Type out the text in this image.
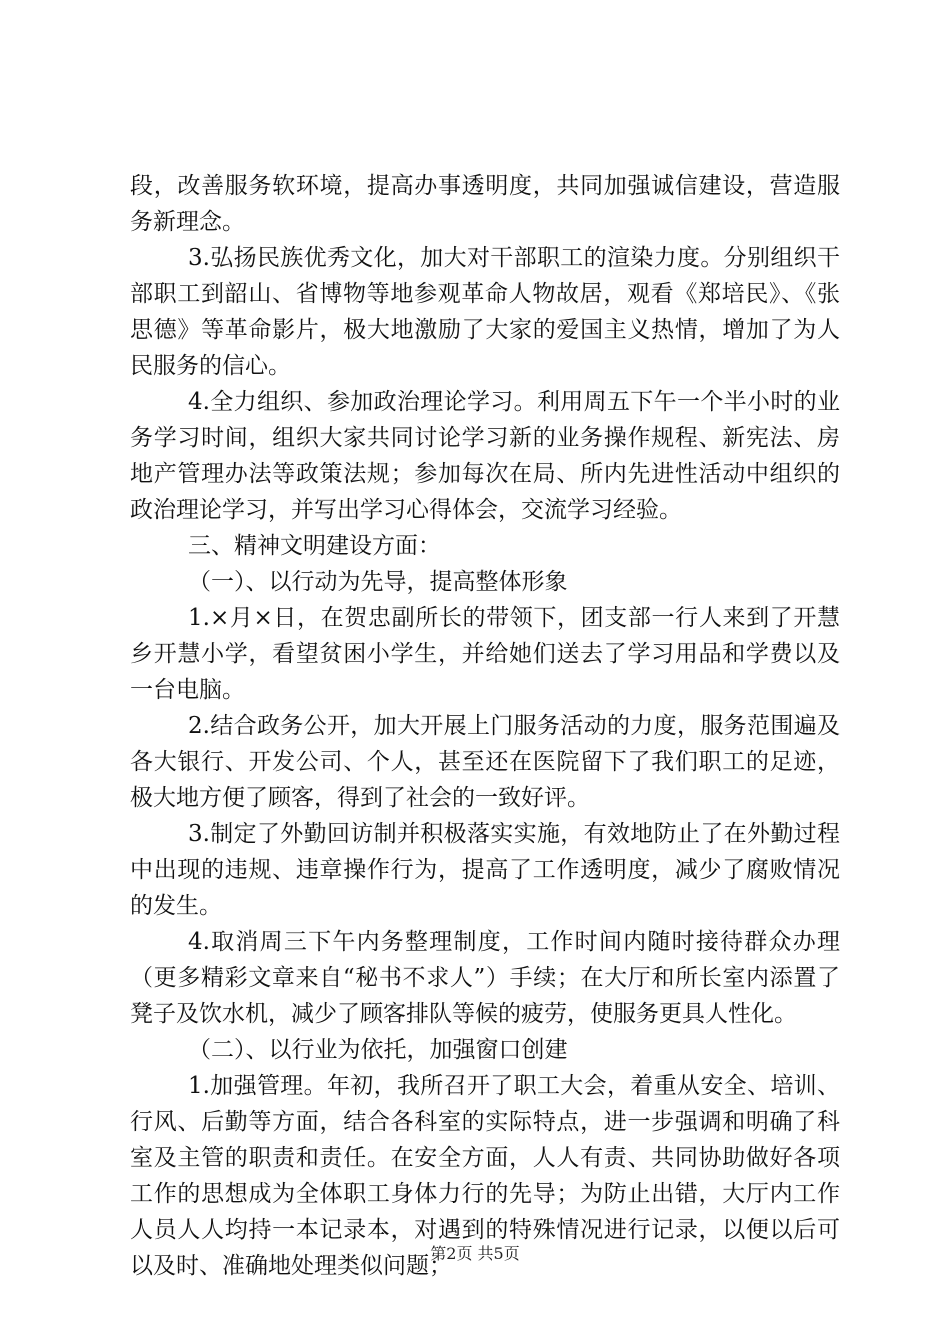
段，改善服务软环境，提高办事透明度，共同加强诚信建设，营造服务新理念。

3.弘扬民族优秀文化，加大对干部职工的渲染力度。分别组织干部职工到韶山、省博物等地参观革命人物故居，观看《郑培民》、《张思德》等革命影片，极大地激励了大家的爱国主义热情，增加了为人民服务的信心。

4.全力组织、参加政治理论学习。利用周五下午一个半小时的业务学习时间，组织大家共同讨论学习新的业务操作规程、新宪法、房地产管理办法等政策法规；参加每次在局、所内先进性活动中组织的政治理论学习，并写出学习心得体会，交流学习经验。

三、精神文明建设方面：

（一）、以行动为先导，提高整体形象

1.×月×日，在贺忠副所长的带领下，团支部一行人来到了开慧乡开慧小学，看望贫困小学生，并给她们送去了学习用品和学费以及一台电脑。

2.结合政务公开，加大开展上门服务活动的力度，服务范围遍及各大银行、开发公司、个人，甚至还在医院留下了我们职工的足迹，极大地方便了顾客，得到了社会的一致好评。

3.制定了外勤回访制并积极落实实施，有效地防止了在外勤过程中出现的违规、违章操作行为，提高了工作透明度，减少了腐败情况的发生。

4.取消周三下午内务整理制度，工作时间内随时接待群众办理（更多精彩文章来自“秘书不求人”）手续；在大厅和所长室内添置了凳子及饮水机，减少了顾客排队等候的疲劳，使服务更具人性化。

（二）、以行业为依托，加强窗口创建

1.加强管理。年初，我所召开了职工大会，着重从安全、培训、行风、后勤等方面，结合各科室的实际特点，进一步强调和明确了科室及主管的职责和责任。在安全方面，人人有责、共同协助做好各项工作的思想成为全体职工身体力行的先导；为防止出错，大厅内工作人员人人均持一本记录本，对遇到的特殊情况进行记录，以便以后可以及时、准确地处理类似问题；

第2页 共5页
